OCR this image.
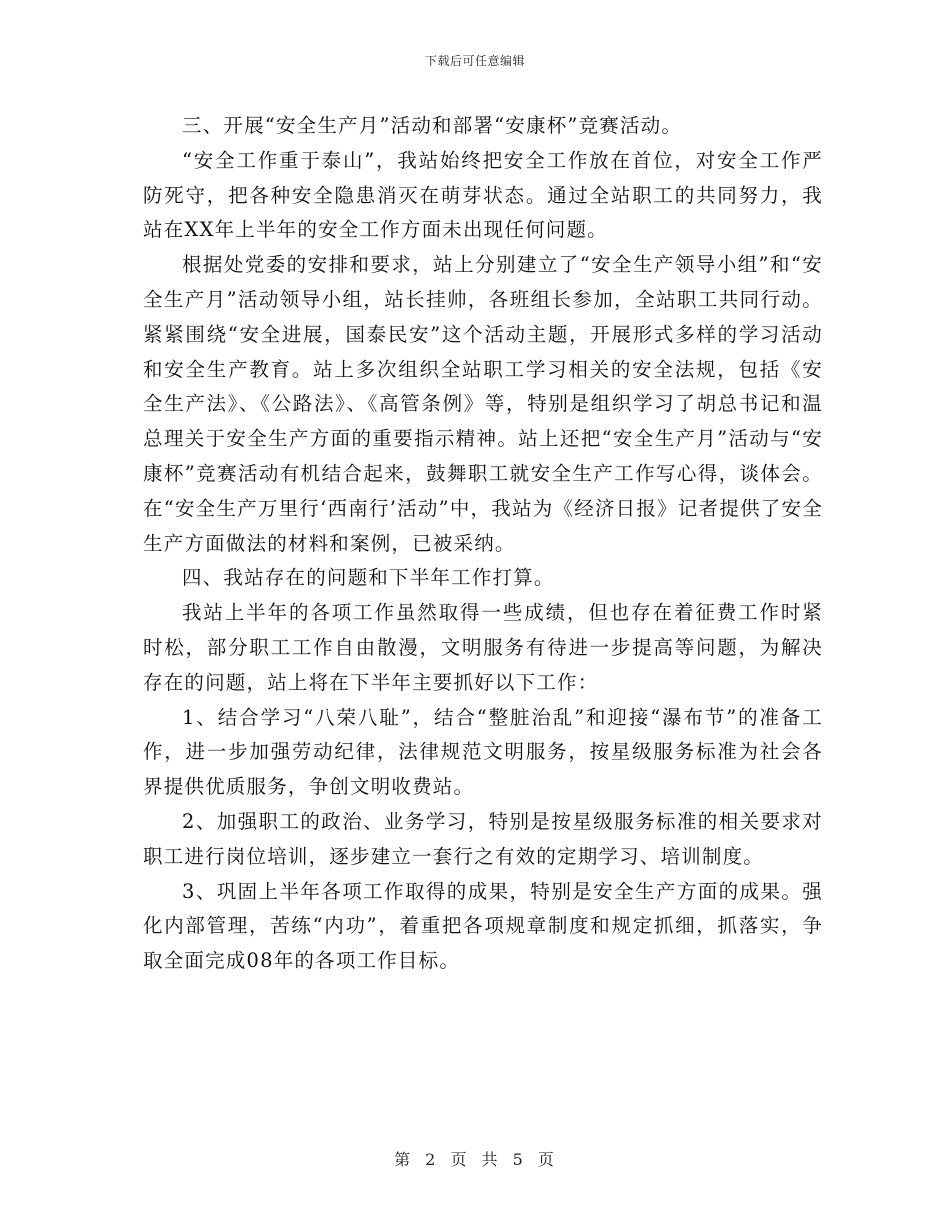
下载后可任意编辑

三、开展“安全生产月”活动和部署“安康杯”竞赛活动。

“安全工作重于泰山”，我站始终把安全工作放在首位，对安全工作严防死守，把各种安全隐患消灭在萌芽状态。通过全站职工的共同努力，我站在XX年上半年的安全工作方面未出现任何问题。

根据处党委的安排和要求，站上分别建立了“安全生产领导小组”和“安全生产月”活动领导小组，站长挂帅，各班组长参加，全站职工共同行动。紧紧围绕“安全进展，国泰民安”这个活动主题，开展形式多样的学习活动和安全生产教育。站上多次组织全站职工学习相关的安全法规，包括《安全生产法》、《公路法》、《高管条例》等，特别是组织学习了胡总书记和温总理关于安全生产方面的重要指示精神。站上还把“安全生产月”活动与“安康杯”竞赛活动有机结合起来，鼓舞职工就安全生产工作写心得，谈体会。在“安全生产万里行‘西南行’活动”中，我站为《经济日报》记者提供了安全生产方面做法的材料和案例，已被采纳。

四、我站存在的问题和下半年工作打算。

我站上半年的各项工作虽然取得一些成绩，但也存在着征费工作时紧时松，部分职工工作自由散漫，文明服务有待进一步提高等问题，为解决存在的问题，站上将在下半年主要抓好以下工作：

1、结合学习“八荣八耻”，结合“整脏治乱”和迎接“瀑布节”的准备工作，进一步加强劳动纪律，法律规范文明服务，按星级服务标准为社会各界提供优质服务，争创文明收费站。

2、加强职工的政治、业务学习，特别是按星级服务标准的相关要求对职工进行岗位培训，逐步建立一套行之有效的定期学习、培训制度。

3、巩固上半年各项工作取得的成果，特别是安全生产方面的成果。强化内部管理，苦练“内功”，着重把各项规章制度和规定抓细，抓落实，争取全面完成08年的各项工作目标。

第 2 页 共 5 页
